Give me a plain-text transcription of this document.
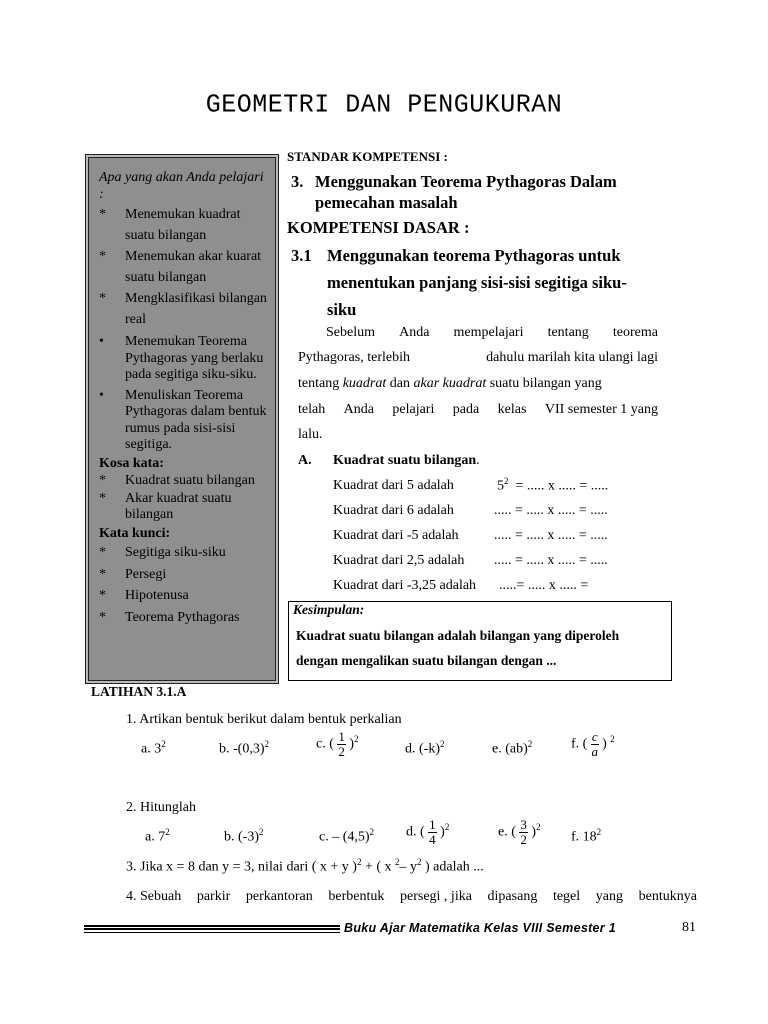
GEOMETRI DAN PENGUKURAN
Apa yang akan Anda pelajari :
* Menemukan kuadrat suatu bilangan
* Menemukan akar kuarat suatu bilangan
* Mengklasifikasi bilangan real
• Menemukan Teorema Pythagoras yang berlaku pada segitiga siku-siku.
• Menuliskan Teorema Pythagoras dalam bentuk rumus pada sisi-sisi segitiga.
Kosa kata:
* Kuadrat suatu bilangan
* Akar kuadrat suatu bilangan
Kata kunci:
* Segitiga siku-siku
* Persegi
* Hipotenusa
* Teorema Pythagoras
STANDAR KOMPETENSI :
3. Menggunakan Teorema Pythagoras Dalam
pemecahan masalah
KOMPETENSI DASAR :
3.1 Menggunakan teorema Pythagoras untuk
menentukan panjang sisi-sisi segitiga siku-
siku
Sebelum Anda mempelajari tentang teorema
Pythagoras, terlebih	dahulu marilah kita ulangi lagi
tentang kuadrat dan akar kuadrat suatu bilangan yang
telah Anda pelajari pada kelas VII semester 1 yang
lalu.
A. Kuadrat suatu bilangan.
Kuadrat dari 5 adalah	$5^2$ = ..... x ..... = .....
Kuadrat dari 6 adalah	..... = ..... x ..... = .....
Kuadrat dari -5 adalah	..... = ..... x ..... = .....
Kuadrat dari 2,5 adalah ..... = ..... x ..... = .....
Kuadrat dari -3,25 adalah .....= ..... x ..... =
Kesimpulan:
Kuadrat suatu bilangan adalah bilangan yang diperoleh
dengan mengalikan suatu bilangan dengan ...
LATIHAN 3.1.A
1. Artikan bentuk berikut dalam bentuk perkalian
a. $3^2$	b. $-(0,3)^2$	c. ( $\frac{1}{2} )^2$
d. $(-k)^2$	e. (ab)$^2$	f. ( $\frac{c}{a}$ ) $^2$
2. Hitunglah
a. $7^2$	b. $(-3)^2$	c. – $(4,5)^2$ d. ( $\frac{1}{4} )^2$	e. ( $\frac{3}{2} )^2$
f. $18^2$
3. Jika x = 8 dan y = 3, nilai dari ( x + y )$^2$ + ( x $^2$– $y^2$ ) adalah ...
4. Sebuah parkir perkantoran berbentuk persegi , jika dipasang tegel yang bentuknya
Buku Ajar Matematika Kelas VIII Semester 1	81
